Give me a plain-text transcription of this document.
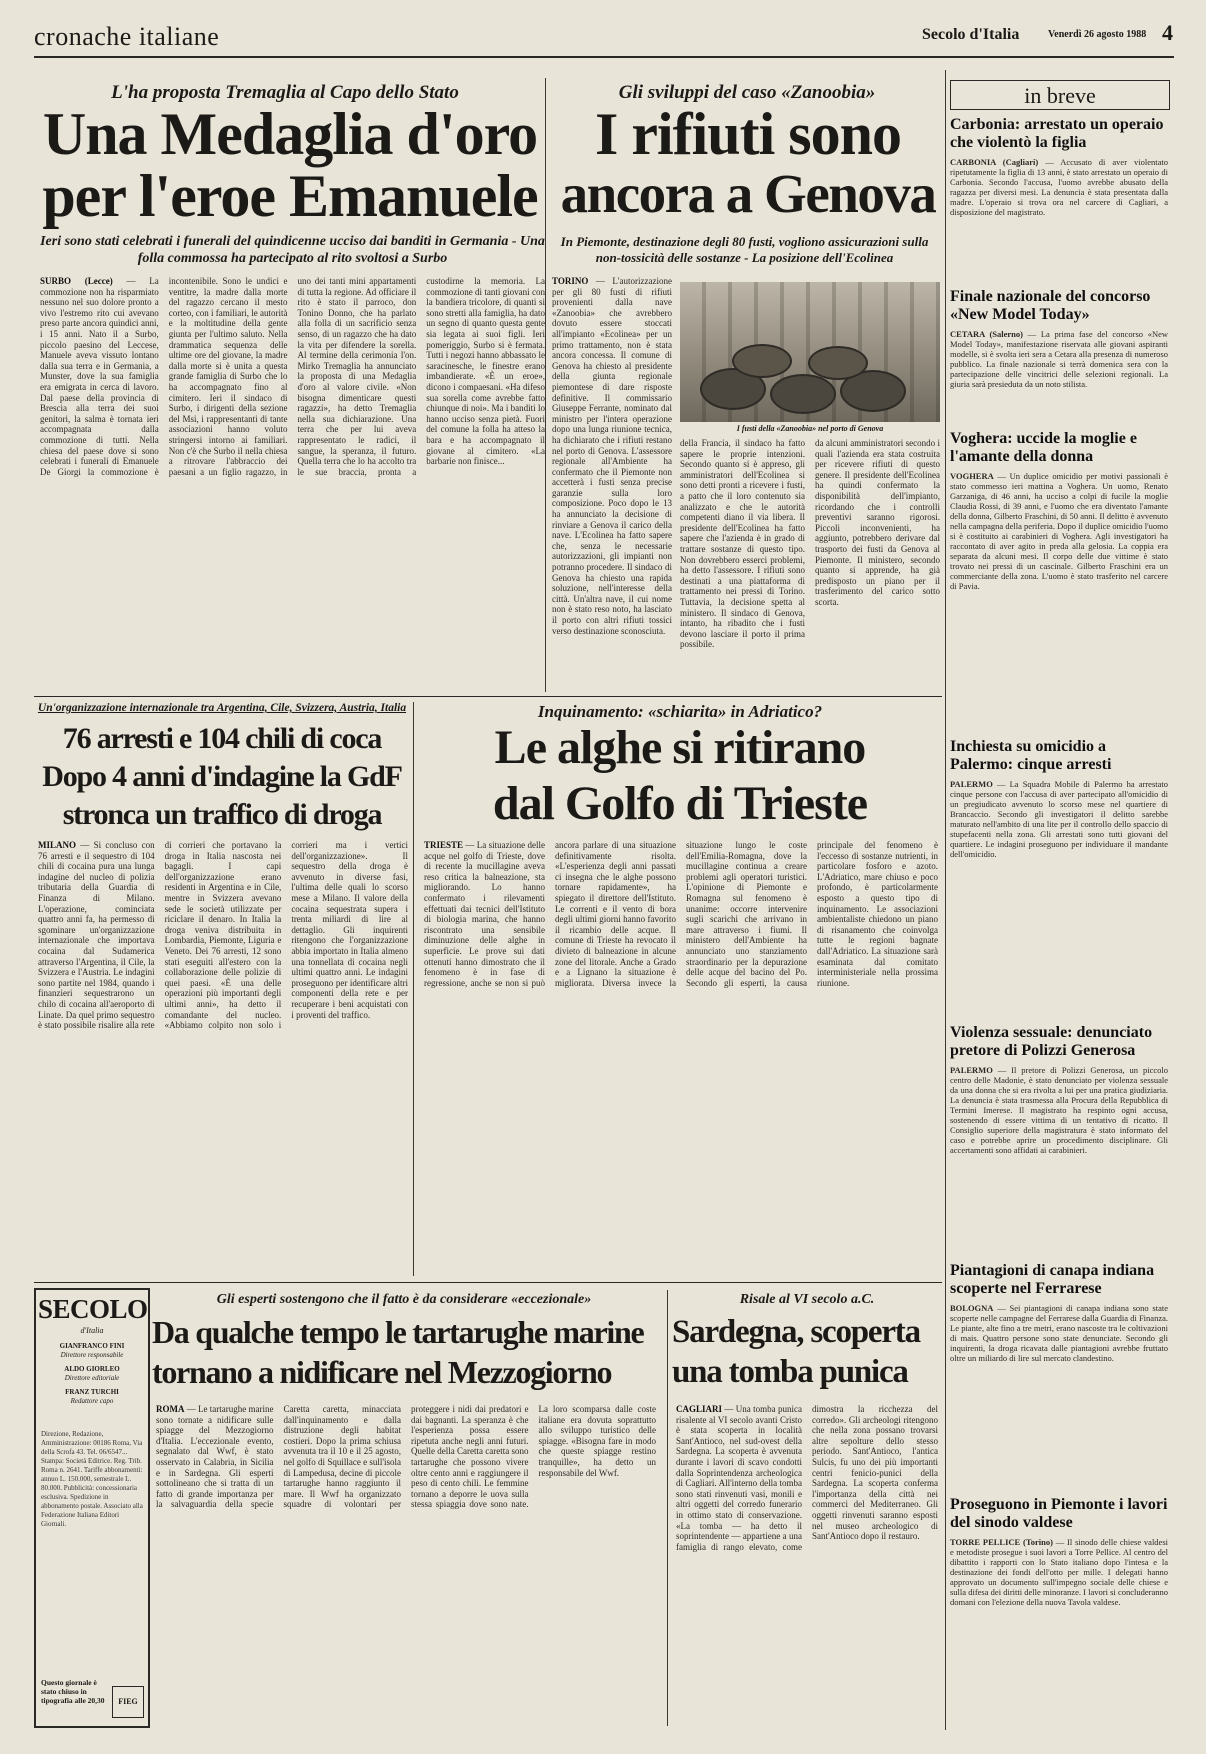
cronache italiane	Secolo d'Italia	Venerdì 26 agosto 1988 4
L'ha proposta Tremaglia al Capo dello Stato
Una Medaglia d'oro
per l'eroe Emanuele
Ieri sono stati celebrati i funerali del quindicenne ucciso dai banditi in Germania - Una folla commossa ha partecipato al rito svoltosi a Surbo
SURBO (Lecce) — La commozione non ha risparmiato nessuno nel suo dolore pronto a vivo l'estremo rito cui avevano preso parte ancora quindici anni, i 15 anni. Nato il a Surbo, piccolo paesino del Leccese, Manuele aveva vissuto lontano dalla sua terra e in Germania, a Munster, dove la sua famiglia era emigrata in cerca di lavoro. Dal paese della provincia di Brescia alla terra dei suoi genitori, la salma è tornata ieri accompagnata dalla commozione di tutti. Nella chiesa del paese dove si sono celebrati i funerali di Emanuele De Giorgi la commozione è incontenibile. Sono le undici e ventitre, la madre dalla morte del ragazzo cercano il mesto corteo, con i familiari, le autorità e la moltitudine della gente giunta per l'ultimo saluto. Nella drammatica sequenza delle ultime ore del giovane, la madre dalla morte si è unita a questa grande famiglia di Surbo che lo ha accompagnato fino al cimitero. Ieri il sindaco di Surbo, i dirigenti della sezione del Msi, i rappresentanti di tante associazioni hanno voluto stringersi intorno ai familiari. Non c'è che Surbo il nella chiesa a ritrovare l'abbraccio dei paesani a un figlio ragazzo, in uno dei tanti mini appartamenti di tutta la regione. Ad officiare il rito è stato il parroco, don Tonino Donno, che ha parlato alla folla di un sacrificio senza senso, di un ragazzo che ha dato la vita per difendere la sorella. Al termine della cerimonia l'on. Mirko Tremaglia ha annunciato la proposta di una Medaglia d'oro al valore civile. «Non bisogna dimenticare questi ragazzi», ha detto Tremaglia nella sua dichiarazione. Una terra che per lui aveva rappresentato le radici, il sangue, la speranza, il futuro. Quella terra che lo ha accolto tra le sue braccia, pronta a custodirne la memoria. La commozione di tanti giovani con la bandiera tricolore, di quanti si sono stretti alla famiglia, ha dato un segno di quanto questa gente sia legata ai suoi figli. Ieri pomeriggio, Surbo si è fermata. Tutti i negozi hanno abbassato le saracinesche, le finestre erano imbandierate. «È un eroe», dicono i compaesani. «Ha difeso sua sorella come avrebbe fatto chiunque di noi». Ma i banditi lo hanno ucciso senza pietà. Fuori del comune la folla ha atteso la bara e ha accompagnato il giovane al cimitero. «La barbarie non finisce...
Gli sviluppi del caso «Zanoobia»
I rifiuti sono
ancora a Genova
In Piemonte, destinazione degli 80 fusti, vogliono assicurazioni sulla non-tossicità delle sostanze - La posizione dell'Ecolinea
TORINO — L'autorizzazione per gli 80 fusti di rifiuti provenienti dalla nave «Zanoobia» che avrebbero dovuto essere stoccati all'impianto «Ecolinea» per un primo trattamento, non è stata ancora concessa. Il comune di Genova ha chiesto al presidente della giunta regionale piemontese di dare risposte definitive. Il commissario Giuseppe Ferrante, nominato dal ministro per l'intera operazione dopo una lunga riunione tecnica, ha dichiarato che i rifiuti restano nel porto di Genova. L'assessore regionale all'Ambiente ha confermato che il Piemonte non accetterà i fusti senza precise garanzie sulla loro composizione. Poco dopo le 13 ha annunciato la decisione di rinviare a Genova il carico della nave. L'Ecolinea ha fatto sapere che, senza le necessarie autorizzazioni, gli impianti non potranno procedere. Il sindaco di Genova ha chiesto una rapida soluzione, nell'interesse della città. Un'altra nave, il cui nome non è stato reso noto, ha lasciato il porto con altri rifiuti tossici verso destinazione sconosciuta.
I fusti della «Zanoobia» nel porto di Genova
della Francia, il sindaco ha fatto sapere le proprie intenzioni. Secondo quanto si è appreso, gli amministratori dell'Ecolinea si sono detti pronti a ricevere i fusti, a patto che il loro contenuto sia analizzato e che le autorità competenti diano il via libera. Il presidente dell'Ecolinea ha fatto sapere che l'azienda è in grado di trattare sostanze di questo tipo. Non dovrebbero esserci problemi, ha detto l'assessore. I rifiuti sono destinati a una piattaforma di trattamento nei pressi di Torino. Tuttavia, la decisione spetta al ministero. Il sindaco di Genova, intanto, ha ribadito che i fusti devono lasciare il porto il prima possibile.
da alcuni amministratori secondo i quali l'azienda era stata costruita per ricevere rifiuti di questo genere. Il presidente dell'Ecolinea ha quindi confermato la disponibilità dell'impianto, ricordando che i controlli preventivi saranno rigorosi. Piccoli inconvenienti, ha aggiunto, potrebbero derivare dal trasporto dei fusti da Genova al Piemonte. Il ministero, secondo quanto si apprende, ha già predisposto un piano per il trasferimento del carico sotto scorta.
Un'organizzazione internazionale tra Argentina, Cile, Svizzera, Austria, Italia
76 arresti e 104 chili di coca
Dopo 4 anni d'indagine la GdF
stronca un traffico di droga
MILANO — Si concluso con 76 arresti e il sequestro di 104 chili di cocaina pura una lunga indagine del nucleo di polizia tributaria della Guardia di Finanza di Milano. L'operazione, cominciata quattro anni fa, ha permesso di sgominare un'organizzazione internazionale che importava cocaina dal Sudamerica attraverso l'Argentina, il Cile, la Svizzera e l'Austria. Le indagini sono partite nel 1984, quando i finanzieri sequestrarono un chilo di cocaina all'aeroporto di Linate. Da quel primo sequestro è stato possibile risalire alla rete di corrieri che portavano la droga in Italia nascosta nei bagagli. I capi dell'organizzazione erano residenti in Argentina e in Cile, mentre in Svizzera avevano sede le società utilizzate per riciclare il denaro. In Italia la droga veniva distribuita in Lombardia, Piemonte, Liguria e Veneto. Dei 76 arresti, 12 sono stati eseguiti all'estero con la collaborazione delle polizie di quei paesi. «È una delle operazioni più importanti degli ultimi anni», ha detto il comandante del nucleo. «Abbiamo colpito non solo i corrieri ma i vertici dell'organizzazione». Il sequestro della droga è avvenuto in diverse fasi, l'ultima delle quali lo scorso mese a Milano. Il valore della cocaina sequestrata supera i trenta miliardi di lire al dettaglio. Gli inquirenti ritengono che l'organizzazione abbia importato in Italia almeno una tonnellata di cocaina negli ultimi quattro anni. Le indagini proseguono per identificare altri componenti della rete e per recuperare i beni acquistati con i proventi del traffico.
Inquinamento: «schiarita» in Adriatico?
Le alghe si ritirano
dal Golfo di Trieste
TRIESTE — La situazione delle acque nel golfo di Trieste, dove di recente la mucillagine aveva reso critica la balneazione, sta migliorando. Lo hanno confermato i rilevamenti effettuati dai tecnici dell'Istituto di biologia marina, che hanno riscontrato una sensibile diminuzione delle alghe in superficie. Le prove sui dati ottenuti hanno dimostrato che il fenomeno è in fase di regressione, anche se non si può ancora parlare di una situazione definitivamente risolta. «L'esperienza degli anni passati ci insegna che le alghe possono tornare rapidamente», ha spiegato il direttore dell'Istituto. Le correnti e il vento di bora degli ultimi giorni hanno favorito il ricambio delle acque. Il comune di Trieste ha revocato il divieto di balneazione in alcune zone del litorale. Anche a Grado e a Lignano la situazione è migliorata. Diversa invece la situazione lungo le coste dell'Emilia-Romagna, dove la mucillagine continua a creare problemi agli operatori turistici. L'opinione di Piemonte e Romagna sul fenomeno è unanime: occorre intervenire sugli scarichi che arrivano in mare attraverso i fiumi. Il ministero dell'Ambiente ha annunciato uno stanziamento straordinario per la depurazione delle acque del bacino del Po. Secondo gli esperti, la causa principale del fenomeno è l'eccesso di sostanze nutrienti, in particolare fosforo e azoto. L'Adriatico, mare chiuso e poco profondo, è particolarmente esposto a questo tipo di inquinamento. Le associazioni ambientaliste chiedono un piano di risanamento che coinvolga tutte le regioni bagnate dall'Adriatico. La situazione sarà esaminata dal comitato interministeriale nella prossima riunione.
SECOLO
d'Italia
GIANFRANCO FINI
Direttore responsabile
ALDO GIORLEO
Direttore editoriale
FRANZ TURCHI
Redattore capo
Direzione, Redazione, Amministrazione: 00186 Roma, Via della Scrofa 43. Tel. 06/6547... Stampa: Società Editrice. Reg. Trib. Roma n. 2641. Tariffe abbonamenti: annuo L. 150.000, semestrale L. 80.000. Pubblicità: concessionaria esclusiva. Spedizione in abbonamento postale. Associato alla Federazione Italiana Editori Giornali.
Questo giornale è stato chiuso in tipografia alle 20,30	FIEG
Gli esperti sostengono che il fatto è da considerare «eccezionale»
Da qualche tempo le tartarughe marine
tornano a nidificare nel Mezzogiorno
ROMA — Le tartarughe marine sono tornate a nidificare sulle spiagge del Mezzogiorno d'Italia. L'eccezionale evento, segnalato dal Wwf, è stato osservato in Calabria, in Sicilia e in Sardegna. Gli esperti sottolineano che si tratta di un fatto di grande importanza per la salvaguardia della specie Caretta caretta, minacciata dall'inquinamento e dalla distruzione degli habitat costieri. Dopo la prima schiusa avvenuta tra il 10 e il 25 agosto, nel golfo di Squillace e sull'isola di Lampedusa, decine di piccole tartarughe hanno raggiunto il mare. Il Wwf ha organizzato squadre di volontari per proteggere i nidi dai predatori e dai bagnanti. La speranza è che l'esperienza possa essere ripetuta anche negli anni futuri. Quelle della Caretta caretta sono tartarughe che possono vivere oltre cento anni e raggiungere il peso di cento chili. Le femmine tornano a deporre le uova sulla stessa spiaggia dove sono nate. La loro scomparsa dalle coste italiane era dovuta soprattutto allo sviluppo turistico delle spiagge. «Bisogna fare in modo che queste spiagge restino tranquille», ha detto un responsabile del Wwf.
Risale al VI secolo a.C.
Sardegna, scoperta
una tomba punica
CAGLIARI — Una tomba punica risalente al VI secolo avanti Cristo è stata scoperta in località Sant'Antioco, nel sud-ovest della Sardegna. La scoperta è avvenuta durante i lavori di scavo condotti dalla Soprintendenza archeologica di Cagliari. All'interno della tomba sono stati rinvenuti vasi, monili e altri oggetti del corredo funerario in ottimo stato di conservazione. «La tomba — ha detto il soprintendente — appartiene a una famiglia di rango elevato, come dimostra la ricchezza del corredo». Gli archeologi ritengono che nella zona possano trovarsi altre sepolture dello stesso periodo. Sant'Antioco, l'antica Sulcis, fu uno dei più importanti centri fenicio-punici della Sardegna. La scoperta conferma l'importanza della città nei commerci del Mediterraneo. Gli oggetti rinvenuti saranno esposti nel museo archeologico di Sant'Antioco dopo il restauro.
in breve
Carbonia: arrestato un operaio che violentò la figlia
CARBONIA (Cagliari) — Accusato di aver violentato ripetutamente la figlia di 13 anni, è stato arrestato un operaio di Carbonia. Secondo l'accusa, l'uomo avrebbe abusato della ragazza per diversi mesi. La denuncia è stata presentata dalla madre. L'operaio si trova ora nel carcere di Cagliari, a disposizione del magistrato.
Finale nazionale del concorso «New Model Today»
CETARA (Salerno) — La prima fase del concorso «New Model Today», manifestazione riservata alle giovani aspiranti modelle, si è svolta ieri sera a Cetara alla presenza di numeroso pubblico. La finale nazionale si terrà domenica sera con la partecipazione delle vincitrici delle selezioni regionali. La giuria sarà presieduta da un noto stilista.
Voghera: uccide la moglie e l'amante della donna
VOGHERA — Un duplice omicidio per motivi passionali è stato commesso ieri mattina a Voghera. Un uomo, Renato Garzaniga, di 46 anni, ha ucciso a colpi di fucile la moglie Claudia Rossi, di 39 anni, e l'uomo che era diventato l'amante della donna, Gilberto Fraschini, di 50 anni. Il delitto è avvenuto nella campagna della periferia. Dopo il duplice omicidio l'uomo si è costituito ai carabinieri di Voghera. Agli investigatori ha raccontato di aver agito in preda alla gelosia. La coppia era separata da alcuni mesi. Il corpo delle due vittime è stato trovato nei pressi di un cascinale. Gilberto Fraschini era un commerciante della zona. L'uomo è stato trasferito nel carcere di Pavia.
Inchiesta su omicidio a Palermo: cinque arresti
PALERMO — La Squadra Mobile di Palermo ha arrestato cinque persone con l'accusa di aver partecipato all'omicidio di un pregiudicato avvenuto lo scorso mese nel quartiere di Brancaccio. Secondo gli investigatori il delitto sarebbe maturato nell'ambito di una lite per il controllo dello spaccio di stupefacenti nella zona. Gli arrestati sono tutti giovani del quartiere. Le indagini proseguono per individuare il mandante dell'omicidio.
Violenza sessuale: denunciato pretore di Polizzi Generosa
PALERMO — Il pretore di Polizzi Generosa, un piccolo centro delle Madonie, è stato denunciato per violenza sessuale da una donna che si era rivolta a lui per una pratica giudiziaria. La denuncia è stata trasmessa alla Procura della Repubblica di Termini Imerese. Il magistrato ha respinto ogni accusa, sostenendo di essere vittima di un tentativo di ricatto. Il Consiglio superiore della magistratura è stato informato del caso e potrebbe aprire un procedimento disciplinare. Gli accertamenti sono affidati ai carabinieri.
Piantagioni di canapa indiana scoperte nel Ferrarese
BOLOGNA — Sei piantagioni di canapa indiana sono state scoperte nelle campagne del Ferrarese dalla Guardia di Finanza. Le piante, alte fino a tre metri, erano nascoste tra le coltivazioni di mais. Quattro persone sono state denunciate. Secondo gli inquirenti, la droga ricavata dalle piantagioni avrebbe fruttato oltre un miliardo di lire sul mercato clandestino.
Proseguono in Piemonte i lavori del sinodo valdese
TORRE PELLICE (Torino) — Il sinodo delle chiese valdesi e metodiste prosegue i suoi lavori a Torre Pellice. Al centro del dibattito i rapporti con lo Stato italiano dopo l'intesa e la destinazione dei fondi dell'otto per mille. I delegati hanno approvato un documento sull'impegno sociale delle chiese e sulla difesa dei diritti delle minoranze. I lavori si concluderanno domani con l'elezione della nuova Tavola valdese.
